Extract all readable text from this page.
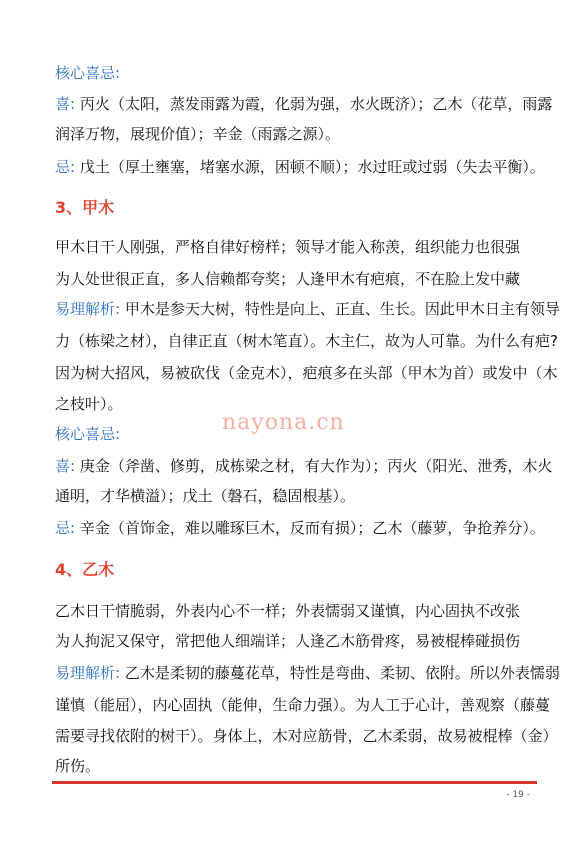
核心喜忌:
喜: 丙火（太阳，蒸发雨露为霞，化弱为强，水火既济）；乙木（花草，雨露
润泽万物，展现价值）；辛金（雨露之源）。
忌: 戊土（厚土壅塞，堵塞水源，困顿不顺）；水过旺或过弱（失去平衡）。
3、甲木
甲木日干人刚强，严格自律好榜样；领导才能入称羡，组织能力也很强
为人处世很正直，多人信赖都夸奖；人逢甲木有疤痕，不在脸上发中藏
易理解析: 甲木是参天大树，特性是向上、正直、生长。因此甲木日主有领导
力（栋梁之材），自律正直（树木笔直）。木主仁，故为人可靠。为什么有疤?
因为树大招风，易被砍伐（金克木），疤痕多在头部（甲木为首）或发中（木
之枝叶）。
核心喜忌:
喜: 庚金（斧凿、修剪，成栋梁之材，有大作为）；丙火（阳光、泄秀，木火
通明，才华横溢）；戊土（磐石，稳固根基）。
忌: 辛金（首饰金，难以雕琢巨木，反而有损）；乙木（藤萝，争抢养分）。
4、乙木
乙木日干情脆弱，外表内心不一样；外表懦弱又谨慎，内心固执不改张
为人拘泥又保守，常把他人细端详；人逢乙木筋骨疼，易被棍棒碰损伤
易理解析: 乙木是柔韧的藤蔓花草，特性是弯曲、柔韧、依附。所以外表懦弱
谨慎（能屈），内心固执（能伸，生命力强）。为人工于心计，善观察（藤蔓
需要寻找依附的树干）。身体上，木对应筋骨，乙木柔弱，故易被棍棒（金）
所伤。
nayona.cn
- 19 -
